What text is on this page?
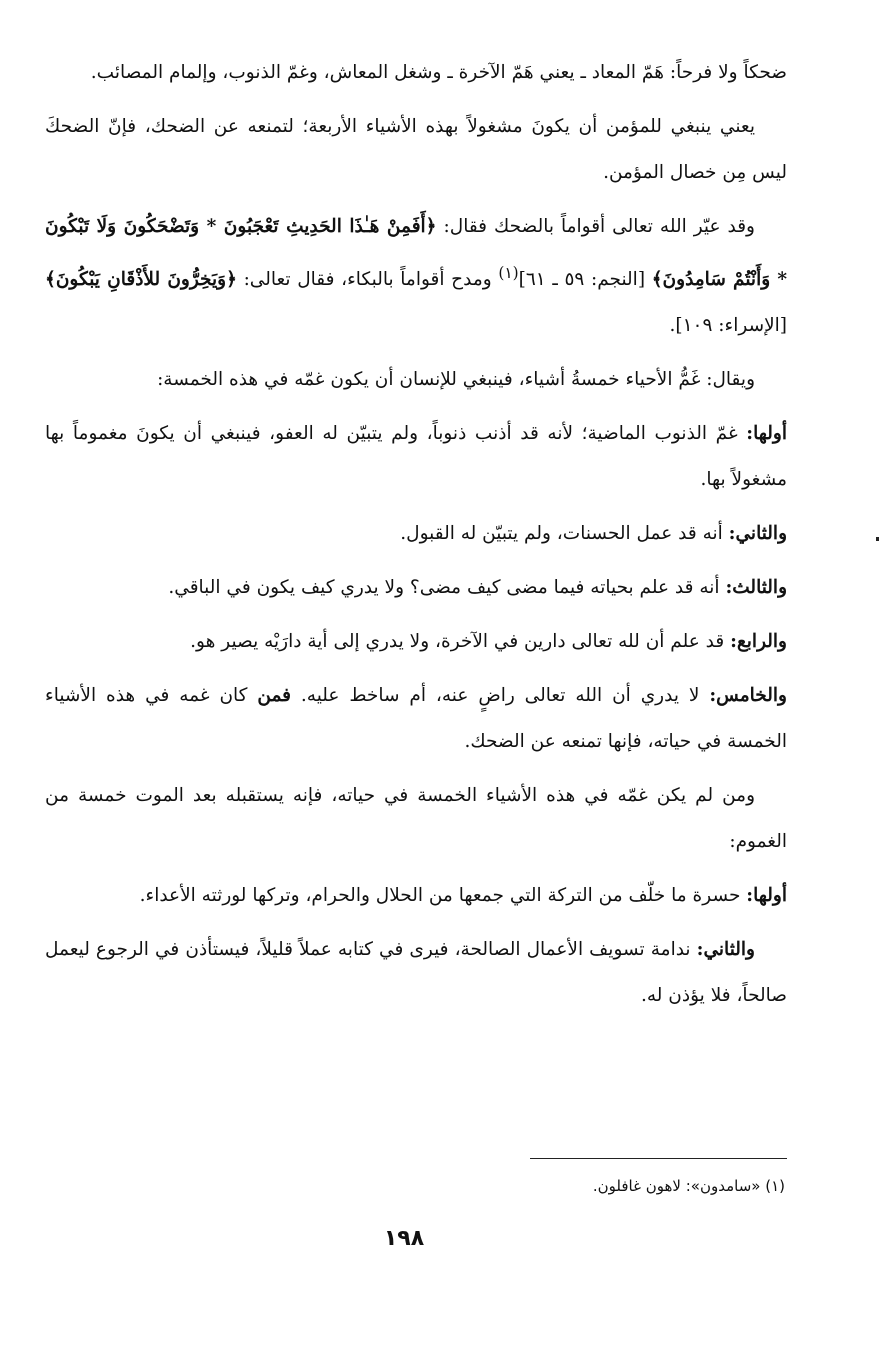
ضحكاً ولا فرحاً: هَمّ المعاد ـ يعني هَمّ الآخرة ـ وشغل المعاش، وغمّ الذنوب، وإلمام المصائب.

يعني ينبغي للمؤمن أن يكونَ مشغولاً بهذه الأشياء الأربعة؛ لتمنعه عن الضحك، فإنّ الضحكَ ليس مِن خصال المؤمن.

وقد عيّر الله تعالى أقواماً بالضحك فقال: ﴿أَفَمِنْ هَـٰذَا الحَدِيثِ تَعْجَبُونَ * وَتَضْحَكُونَ وَلَا تَبْكُونَ * وَأَنْتُمْ سَامِدُونَ﴾ [النجم: ٥٩ ـ ٦١]$^{(١)}$ ومدح أقواماً بالبكاء، فقال تعالى: ﴿وَيَخِرُّونَ للأَذْقَانِ يَبْكُونَ﴾ [الإسراء: ١٠٩].

ويقال: غَمُّ الأحياء خمسةُ أشياء، فينبغي للإنسان أن يكون غمّه في هذه الخمسة:

أولها: غمّ الذنوب الماضية؛ لأنه قد أذنب ذنوباً، ولم يتبيّن له العفو، فينبغي أن يكونَ مغموماً بها مشغولاً بها.

والثاني: أنه قد عمل الحسنات، ولم يتبيّن له القبول.

والثالث: أنه قد علم بحياته فيما مضى كيف مضى؟ ولا يدري كيف يكون في الباقي.

والرابع: قد علم أن لله تعالى دارين في الآخرة، ولا يدري إلى أية دارَيْه يصير هو.

والخامس: لا يدري أن الله تعالى راضٍ عنه، أم ساخط عليه. فمن كان غمه في هذه الأشياء الخمسة في حياته، فإنها تمنعه عن الضحك.

ومن لم يكن غمّه في هذه الأشياء الخمسة في حياته، فإنه يستقبله بعد الموت خمسة من الغموم:

أولها: حسرة ما خلّف من التركة التي جمعها من الحلال والحرام، وتركها لورثته الأعداء.

والثاني: ندامة تسويف الأعمال الصالحة، فيرى في كتابه عملاً قليلاً، فيستأذن في الرجوع ليعمل صالحاً، فلا يؤذن له.

(١) «سامدون»: لاهون غافلون.
١٩٨
